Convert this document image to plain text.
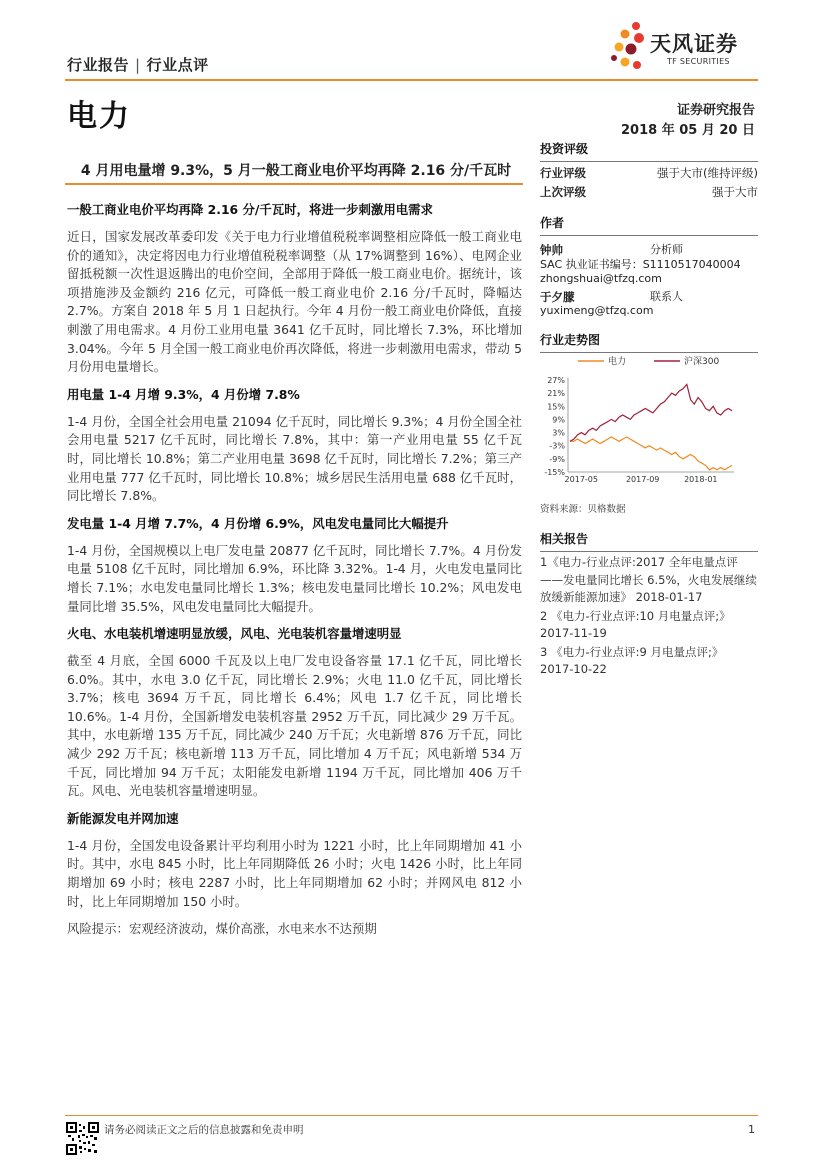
行业报告 | 行业点评
天风证券
TF SECURITIES
电力	证券研究报告
2018 年 05 月 20 日
4 月用电量增 9.3%，5 月一般工商业电价平均再降 2.16 分/千瓦时
一般工商业电价平均再降 2.16 分/千瓦时，将进一步刺激用电需求

近日，国家发展改革委印发《关于电力行业增值税税率调整相应降低一般工商业电价的通知》，决定将因电力行业增值税税率调整（从 17%调整到 16%）、电网企业留抵税额一次性退返腾出的电价空间，全部用于降低一般工商业电价。据统计，该项措施涉及金额约 216 亿元，可降低一般工商业电价 2.16 分/千瓦时，降幅达 2.7%。方案自 2018 年 5 月 1 日起执行。今年 4 月份一般工商业电价降低，直接刺激了用电需求。4 月份工业用电量 3641 亿千瓦时，同比增长 7.3%，环比增加 3.04%。今年 5 月全国一般工商业电价再次降低，将进一步刺激用电需求，带动 5 月份用电量增长。

用电量 1-4 月增 9.3%，4 月份增 7.8%

1-4 月份，全国全社会用电量 21094 亿千瓦时，同比增长 9.3%；4 月份全国全社会用电量 5217 亿千瓦时，同比增长 7.8%，其中：第一产业用电量 55 亿千瓦时，同比增长 10.8%；第二产业用电量 3698 亿千瓦时，同比增长 7.2%；第三产业用电量 777 亿千瓦时，同比增长 10.8%；城乡居民生活用电量 688 亿千瓦时，同比增长 7.8%。

发电量 1-4 月增 7.7%，4 月份增 6.9%，风电发电量同比大幅提升

1-4 月份，全国规模以上电厂发电量 20877 亿千瓦时，同比增长 7.7%。4 月份发电量 5108 亿千瓦时，同比增加 6.9%，环比降 3.32%。1-4 月，火电发电量同比增长 7.1%；水电发电量同比增长 1.3%；核电发电量同比增长 10.2%；风电发电量同比增 35.5%，风电发电量同比大幅提升。

火电、水电装机增速明显放缓，风电、光电装机容量增速明显

截至 4 月底，全国 6000 千瓦及以上电厂发电设备容量 17.1 亿千瓦，同比增长 6.0%。其中，水电 3.0 亿千瓦，同比增长 2.9%；火电 11.0 亿千瓦，同比增长 3.7%；核电 3694 万千瓦，同比增长 6.4%；风电 1.7 亿千瓦，同比增长 10.6%。1-4 月份，全国新增发电装机容量 2952 万千瓦，同比减少 29 万千瓦。其中，水电新增 135 万千瓦，同比减少 240 万千瓦；火电新增 876 万千瓦，同比减少 292 万千瓦；核电新增 113 万千瓦，同比增加 4 万千瓦；风电新增 534 万千瓦，同比增加 94 万千瓦；太阳能发电新增 1194 万千瓦，同比增加 406 万千瓦。风电、光电装机容量增速明显。

新能源发电并网加速

1-4 月份，全国发电设备累计平均利用小时为 1221 小时，比上年同期增加 41 小时。其中，水电 845 小时，比上年同期降低 26 小时；火电 1426 小时，比上年同期增加 69 小时；核电 2287 小时，比上年同期增加 62 小时；并网风电 812 小时，比上年同期增加 150 小时。

风险提示：宏观经济波动，煤价高涨，水电来水不达预期

投资评级
行业评级	强于大市(维持评级)
上次评级	强于大市
作者
钟帅	分析师
SAC 执业证书编号：S1110517040004
zhongshuai@tfzq.com
于夕朦	联系人
yuximeng@tfzq.com
行业走势图
电力	沪深300
27%
21%
15%
9%
3%
-3%
-9%
-15%
2017-05	2017-09	2018-01
资料来源：贝格数据
相关报告
1《电力-行业点评:2017 全年电量点评——发电量同比增长 6.5%，火电发展继续放缓新能源加速》 2018-01-17
2 《电力-行业点评:10 月电量点评;》 2017-11-19
3 《电力-行业点评:9 月电量点评;》 2017-10-22
请务必阅读正文之后的信息披露和免责申明	1
